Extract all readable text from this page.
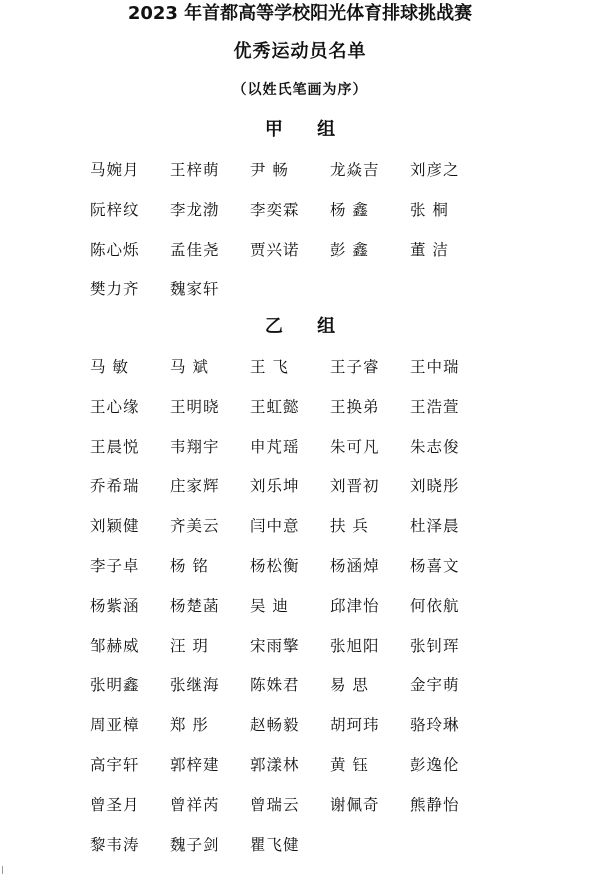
2023 年首都高等学校阳光体育排球挑战赛
优秀运动员名单
（以姓氏笔画为序）
甲 组
马婉月	王梓萌	尹 畅	龙焱吉	刘彦之
阮梓纹	李龙渤	李奕霖	杨 鑫	张 桐
陈心烁	孟佳尧	贾兴诺	彭 鑫	董 洁
樊力齐	魏家轩
乙 组
马 敏	马 斌	王 飞	王子睿	王中瑞
王心缘	王明晓	王虹懿	王换弟	王浩萱
王晨悦	韦翔宇	申芃瑶	朱可凡	朱志俊
乔希瑞	庄家辉	刘乐坤	刘晋初	刘晓彤
刘颖健	齐美云	闫中意	扶 兵	杜泽晨
李子卓	杨 铭	杨松衡	杨涵焯	杨喜文
杨紫涵	杨楚菡	吴 迪	邱津怡	何依航
邹赫威	汪 玥	宋雨擎	张旭阳	张钊珲
张明鑫	张继海	陈姝君	易 思	金宇萌
周亚樟	郑 彤	赵畅毅	胡珂玮	骆玲琳
高宇轩	郭梓建	郭漾林	黄 钰	彭逸伦
曾圣月	曾祥芮	曾瑞云	谢佩奇	熊静怡
黎韦涛	魏子剑	瞿飞健
